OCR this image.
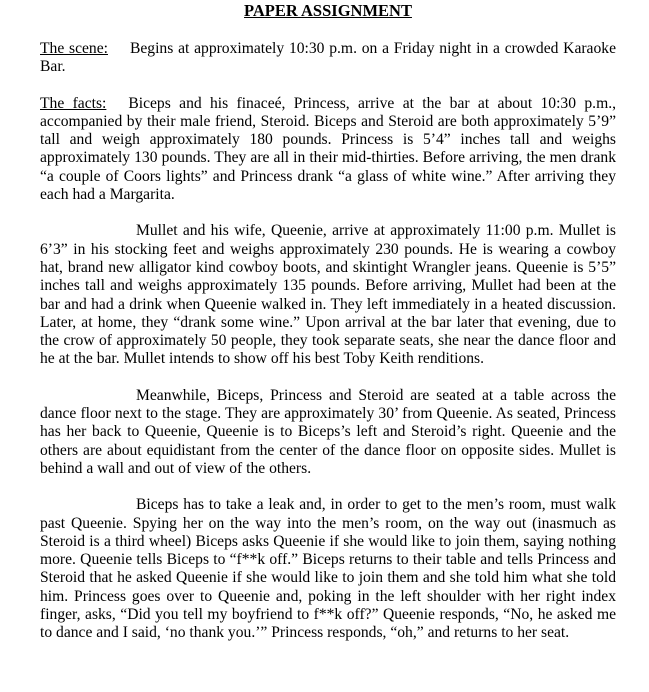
PAPER ASSIGNMENT

The scene: Begins at approximately 10:30 p.m. on a Friday night in a crowded Karaoke Bar.

The facts: Biceps and his finaceé, Princess, arrive at the bar at about 10:30 p.m., accompanied by their male friend, Steroid. Biceps and Steroid are both approximately 5’9” tall and weigh approximately 180 pounds. Princess is 5’4” inches tall and weighs approximately 130 pounds. They are all in their mid-thirties. Before arriving, the men drank “a couple of Coors lights” and Princess drank “a glass of white wine.” After arriving they each had a Margarita.

Mullet and his wife, Queenie, arrive at approximately 11:00 p.m. Mullet is 6’3” in his stocking feet and weighs approximately 230 pounds. He is wearing a cowboy hat, brand new alligator kind cowboy boots, and skintight Wrangler jeans. Queenie is 5’5” inches tall and weighs approximately 135 pounds. Before arriving, Mullet had been at the bar and had a drink when Queenie walked in. They left immediately in a heated discussion. Later, at home, they “drank some wine.” Upon arrival at the bar later that evening, due to the crow of approximately 50 people, they took separate seats, she near the dance floor and he at the bar. Mullet intends to show off his best Toby Keith renditions.

Meanwhile, Biceps, Princess and Steroid are seated at a table across the dance floor next to the stage. They are approximately 30’ from Queenie. As seated, Princess has her back to Queenie, Queenie is to Biceps’s left and Steroid’s right. Queenie and the others are about equidistant from the center of the dance floor on opposite sides. Mullet is behind a wall and out of view of the others.

Biceps has to take a leak and, in order to get to the men’s room, must walk past Queenie. Spying her on the way into the men’s room, on the way out (inasmuch as Steroid is a third wheel) Biceps asks Queenie if she would like to join them, saying nothing more. Queenie tells Biceps to “f**k off.” Biceps returns to their table and tells Princess and Steroid that he asked Queenie if she would like to join them and she told him what she told him. Princess goes over to Queenie and, poking in the left shoulder with her right index finger, asks, “Did you tell my boyfriend to f**k off?” Queenie responds, “No, he asked me to dance and I said, ‘no thank you.’” Princess responds, “oh,” and returns to her seat.
